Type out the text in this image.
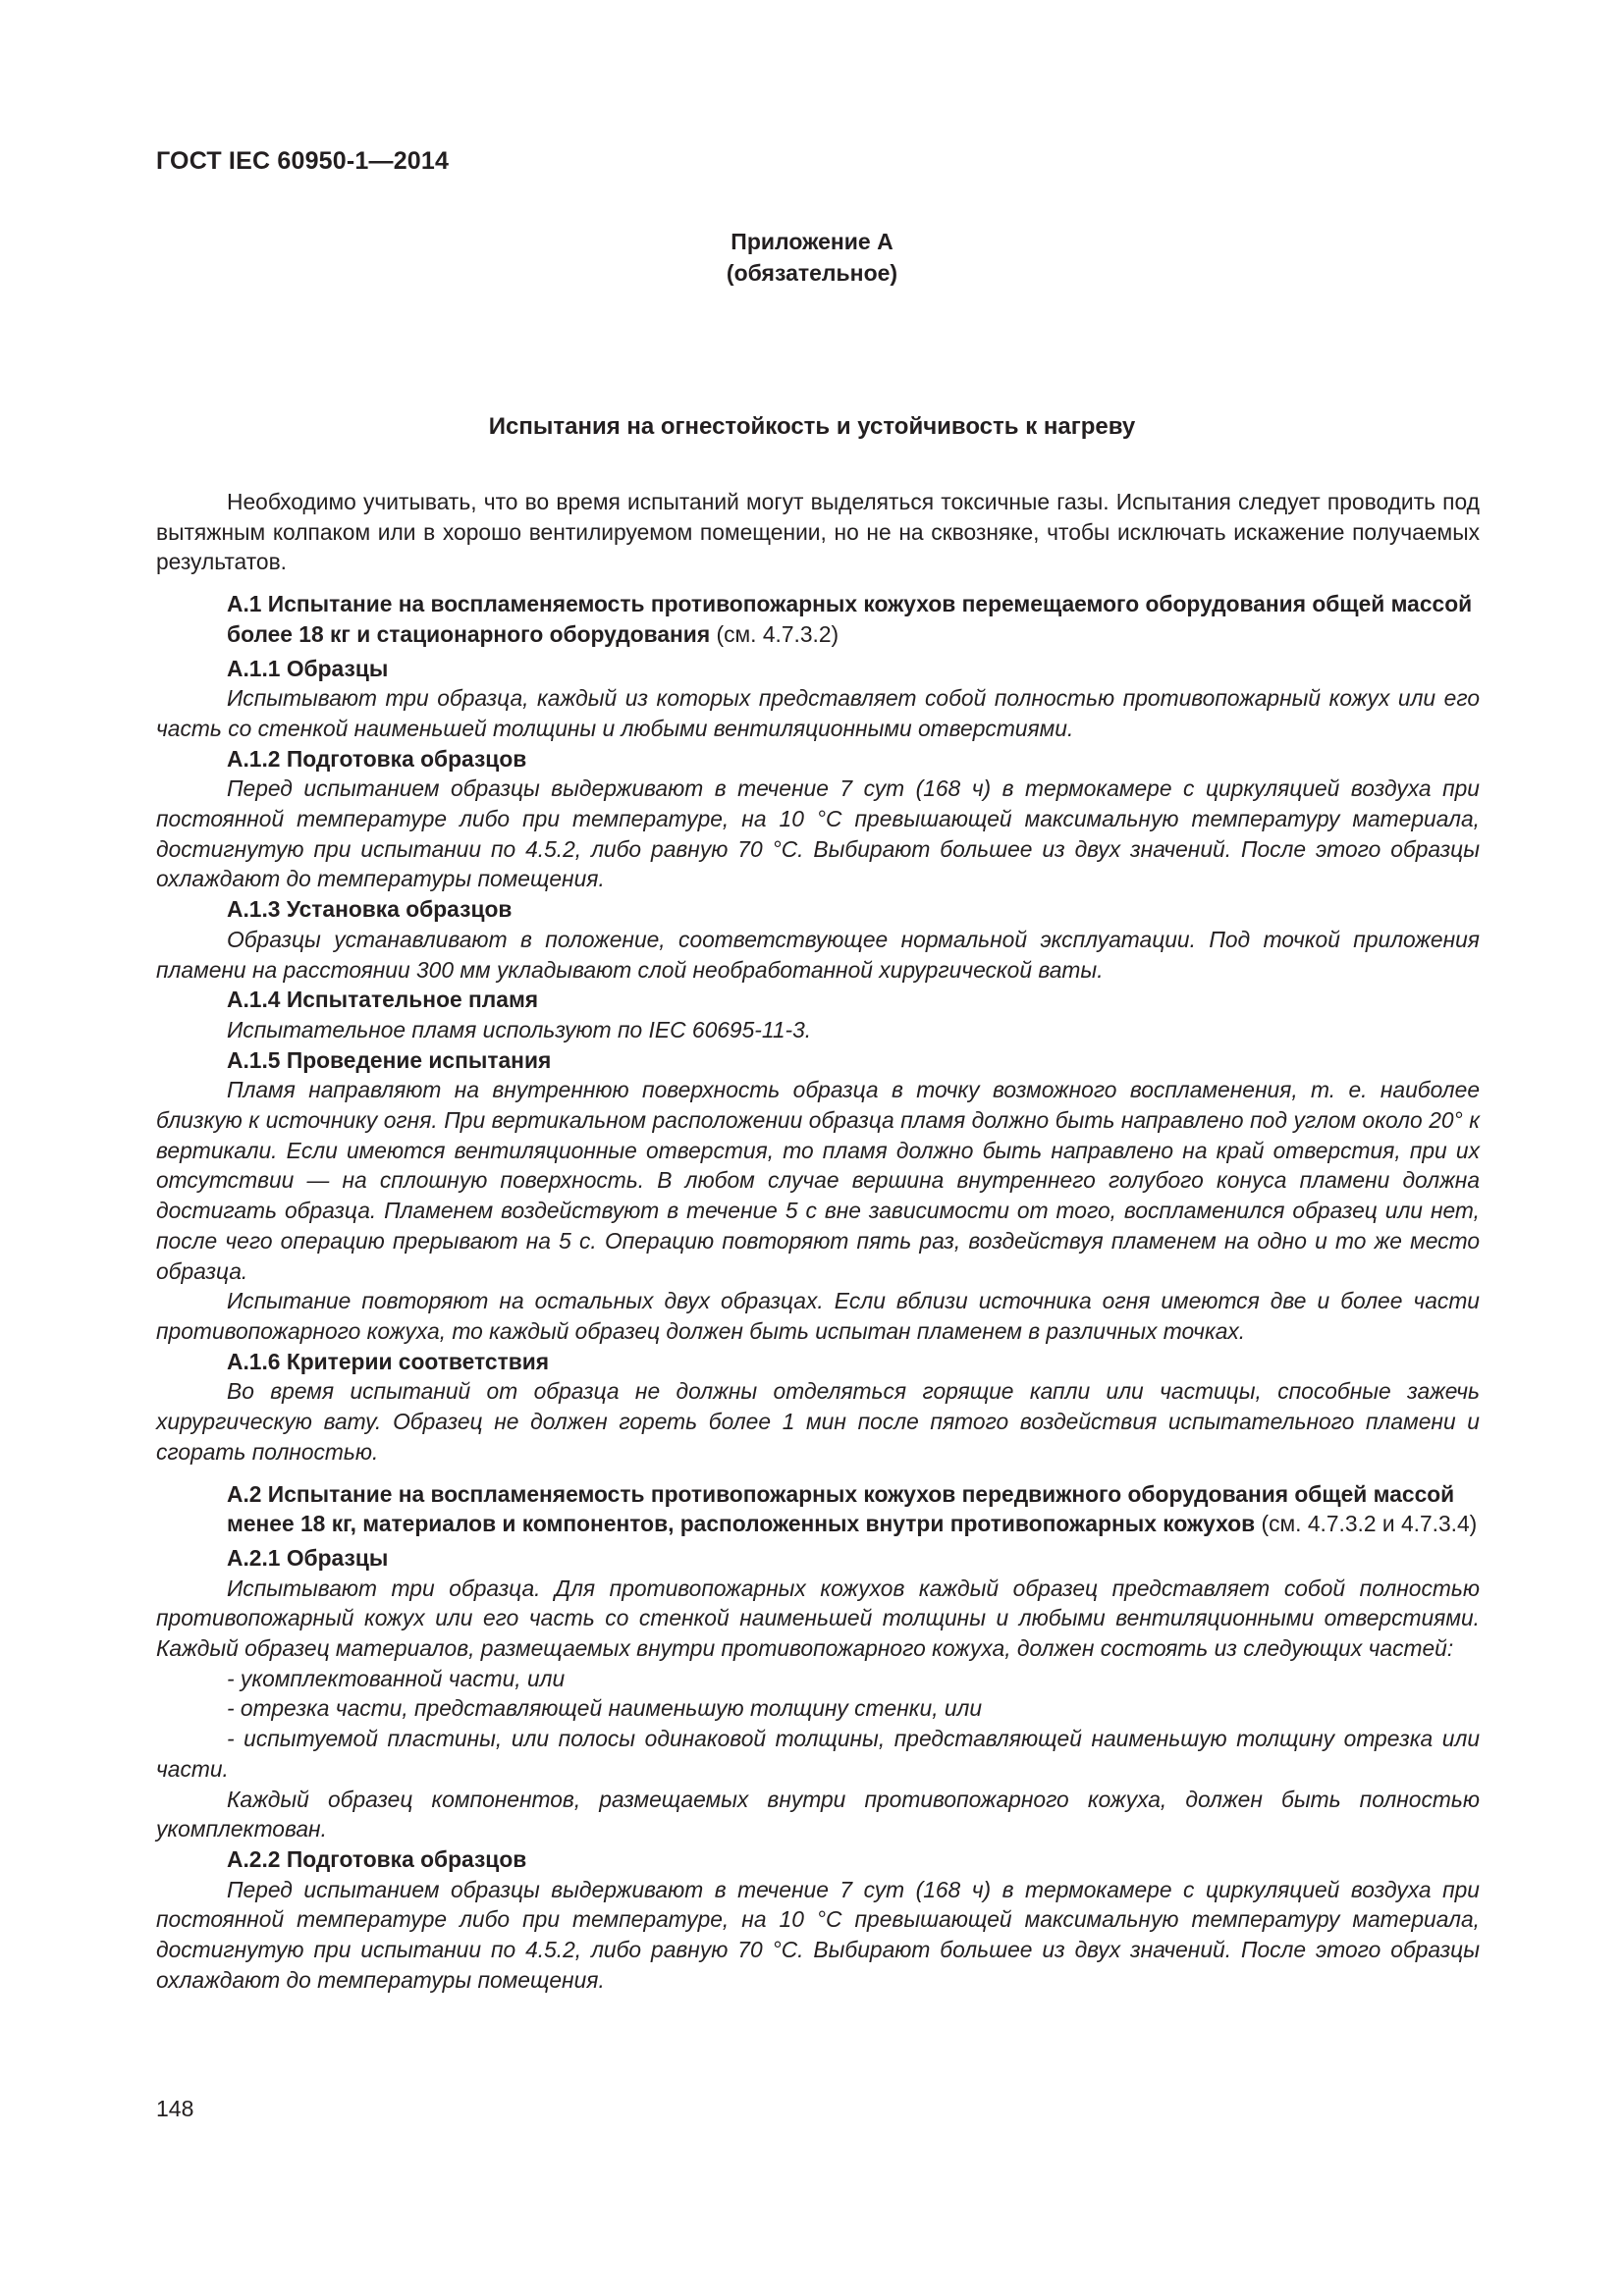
ГОСТ IEC 60950-1—2014
Приложение А
(обязательное)
Испытания на огнестойкость и устойчивость к нагреву

Необходимо учитывать, что во время испытаний могут выделяться токсичные газы. Испытания следует проводить под вытяжным колпаком или в хорошо вентилируемом помещении, но не на сквозняке, чтобы исключать искажение получаемых результатов.

А.1 Испытание на воспламеняемость противопожарных кожухов перемещаемого оборудования общей массой более 18 кг и стационарного оборудования (см. 4.7.3.2)
А.1.1 Образцы

Испытывают три образца, каждый из которых представляет собой полностью противопожарный кожух или его часть со стенкой наименьшей толщины и любыми вентиляционными отверстиями.

А.1.2 Подготовка образцов

Перед испытанием образцы выдерживают в течение 7 сут (168 ч) в термокамере с циркуляцией воздуха при постоянной температуре либо при температуре, на 10 °С превышающей максимальную температуру материала, достигнутую при испытании по 4.5.2, либо равную 70 °С. Выбирают большее из двух значений. После этого образцы охлаждают до температуры помещения.

А.1.3 Установка образцов

Образцы устанавливают в положение, соответствующее нормальной эксплуатации. Под точкой приложения пламени на расстоянии 300 мм укладывают слой необработанной хирургической ваты.

А.1.4 Испытательное пламя

Испытательное пламя используют по IEC 60695-11-3.

А.1.5 Проведение испытания

Пламя направляют на внутреннюю поверхность образца в точку возможного воспламенения, т. е. наиболее близкую к источнику огня. При вертикальном расположении образца пламя должно быть направлено под углом около 20° к вертикали. Если имеются вентиляционные отверстия, то пламя должно быть направлено на край отверстия, при их отсутствии — на сплошную поверхность. В любом случае вершина внутреннего голубого конуса пламени должна достигать образца. Пламенем воздействуют в течение 5 с вне зависимости от того, воспламенился образец или нет, после чего операцию прерывают на 5 с. Операцию повторяют пять раз, воздействуя пламенем на одно и то же место образца.

Испытание повторяют на остальных двух образцах. Если вблизи источника огня имеются две и более части противопожарного кожуха, то каждый образец должен быть испытан пламенем в различных точках.

А.1.6 Критерии соответствия

Во время испытаний от образца не должны отделяться горящие капли или частицы, способные зажечь хирургическую вату. Образец не должен гореть более 1 мин после пятого воздействия испытательного пламени и сгорать полностью.

А.2 Испытание на воспламеняемость противопожарных кожухов передвижного оборудования общей массой менее 18 кг, материалов и компонентов, расположенных внутри противопожарных кожухов (см. 4.7.3.2 и 4.7.3.4)
А.2.1 Образцы

Испытывают три образца. Для противопожарных кожухов каждый образец представляет собой полностью противопожарный кожух или его часть со стенкой наименьшей толщины и любыми вентиляционными отверстиями. Каждый образец материалов, размещаемых внутри противопожарного кожуха, должен состоять из следующих частей:

- укомплектованной части, или

- отрезка части, представляющей наименьшую толщину стенки, или

- испытуемой пластины, или полосы одинаковой толщины, представляющей наименьшую толщину отрезка или части.

Каждый образец компонентов, размещаемых внутри противопожарного кожуха, должен быть полностью укомплектован.

А.2.2 Подготовка образцов

Перед испытанием образцы выдерживают в течение 7 сут (168 ч) в термокамере с циркуляцией воздуха при постоянной температуре либо при температуре, на 10 °С превышающей максимальную температуру материала, достигнутую при испытании по 4.5.2, либо равную 70 °С. Выбирают большее из двух значений. После этого образцы охлаждают до температуры помещения.

148
